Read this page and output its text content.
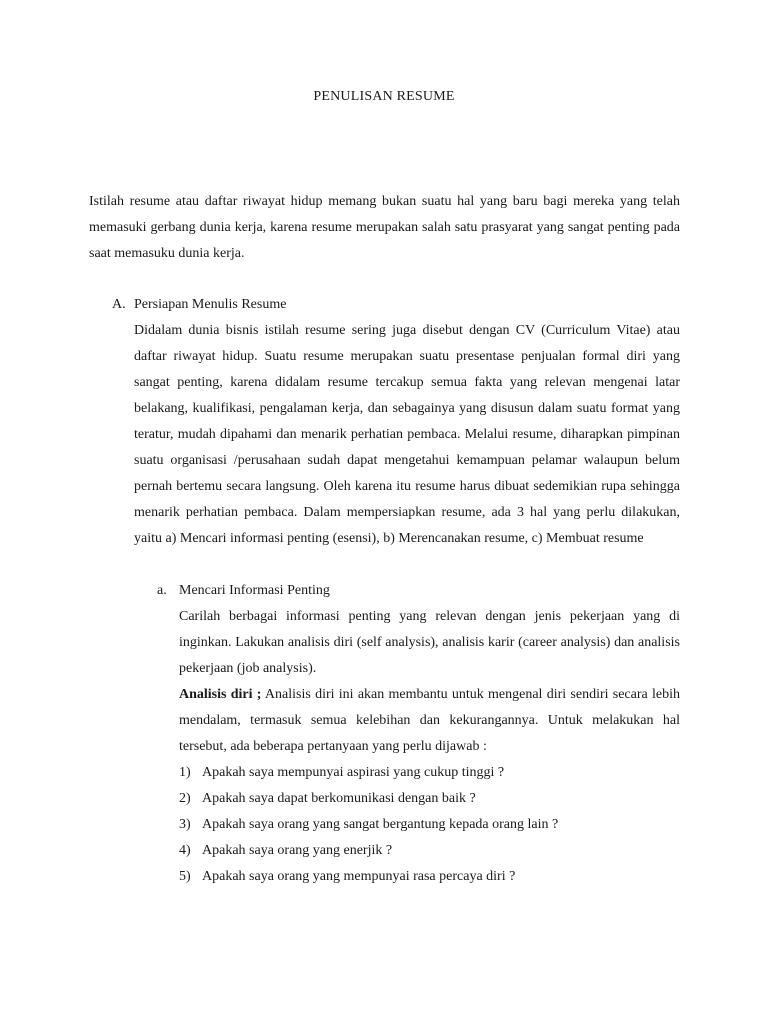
PENULISAN RESUME
Istilah resume atau daftar riwayat hidup memang bukan suatu hal yang baru bagi mereka yang telah memasuki gerbang dunia kerja, karena resume merupakan salah satu prasyarat yang sangat penting pada saat memasuku dunia kerja.
A. Persiapan Menulis Resume
Didalam dunia bisnis istilah resume sering juga disebut dengan CV (Curriculum Vitae) atau daftar riwayat hidup. Suatu resume merupakan suatu presentase penjualan formal diri yang sangat penting, karena didalam resume tercakup semua fakta yang relevan mengenai latar belakang, kualifikasi, pengalaman kerja, dan sebagainya yang disusun dalam suatu format yang teratur, mudah dipahami dan menarik perhatian pembaca. Melalui resume, diharapkan pimpinan suatu organisasi /perusahaan sudah dapat mengetahui kemampuan pelamar walaupun belum pernah bertemu secara langsung. Oleh karena itu resume harus dibuat sedemikian rupa sehingga menarik perhatian pembaca. Dalam mempersiapkan resume, ada 3 hal yang perlu dilakukan, yaitu a) Mencari informasi penting (esensi), b) Merencanakan resume, c) Membuat resume
a. Mencari Informasi Penting
Carilah berbagai informasi penting yang relevan dengan jenis pekerjaan yang di inginkan. Lakukan analisis diri (self analysis), analisis karir (career analysis) dan analisis pekerjaan (job analysis).
Analisis diri ; Analisis diri ini akan membantu untuk mengenal diri sendiri secara lebih mendalam, termasuk semua kelebihan dan kekurangannya. Untuk melakukan hal tersebut, ada beberapa pertanyaan yang perlu dijawab :
1) Apakah saya mempunyai aspirasi yang cukup tinggi ?
2) Apakah saya dapat berkomunikasi dengan baik ?
3) Apakah saya orang yang sangat bergantung kepada orang lain ?
4) Apakah saya orang yang enerjik ?
5) Apakah saya orang yang mempunyai rasa percaya diri ?
